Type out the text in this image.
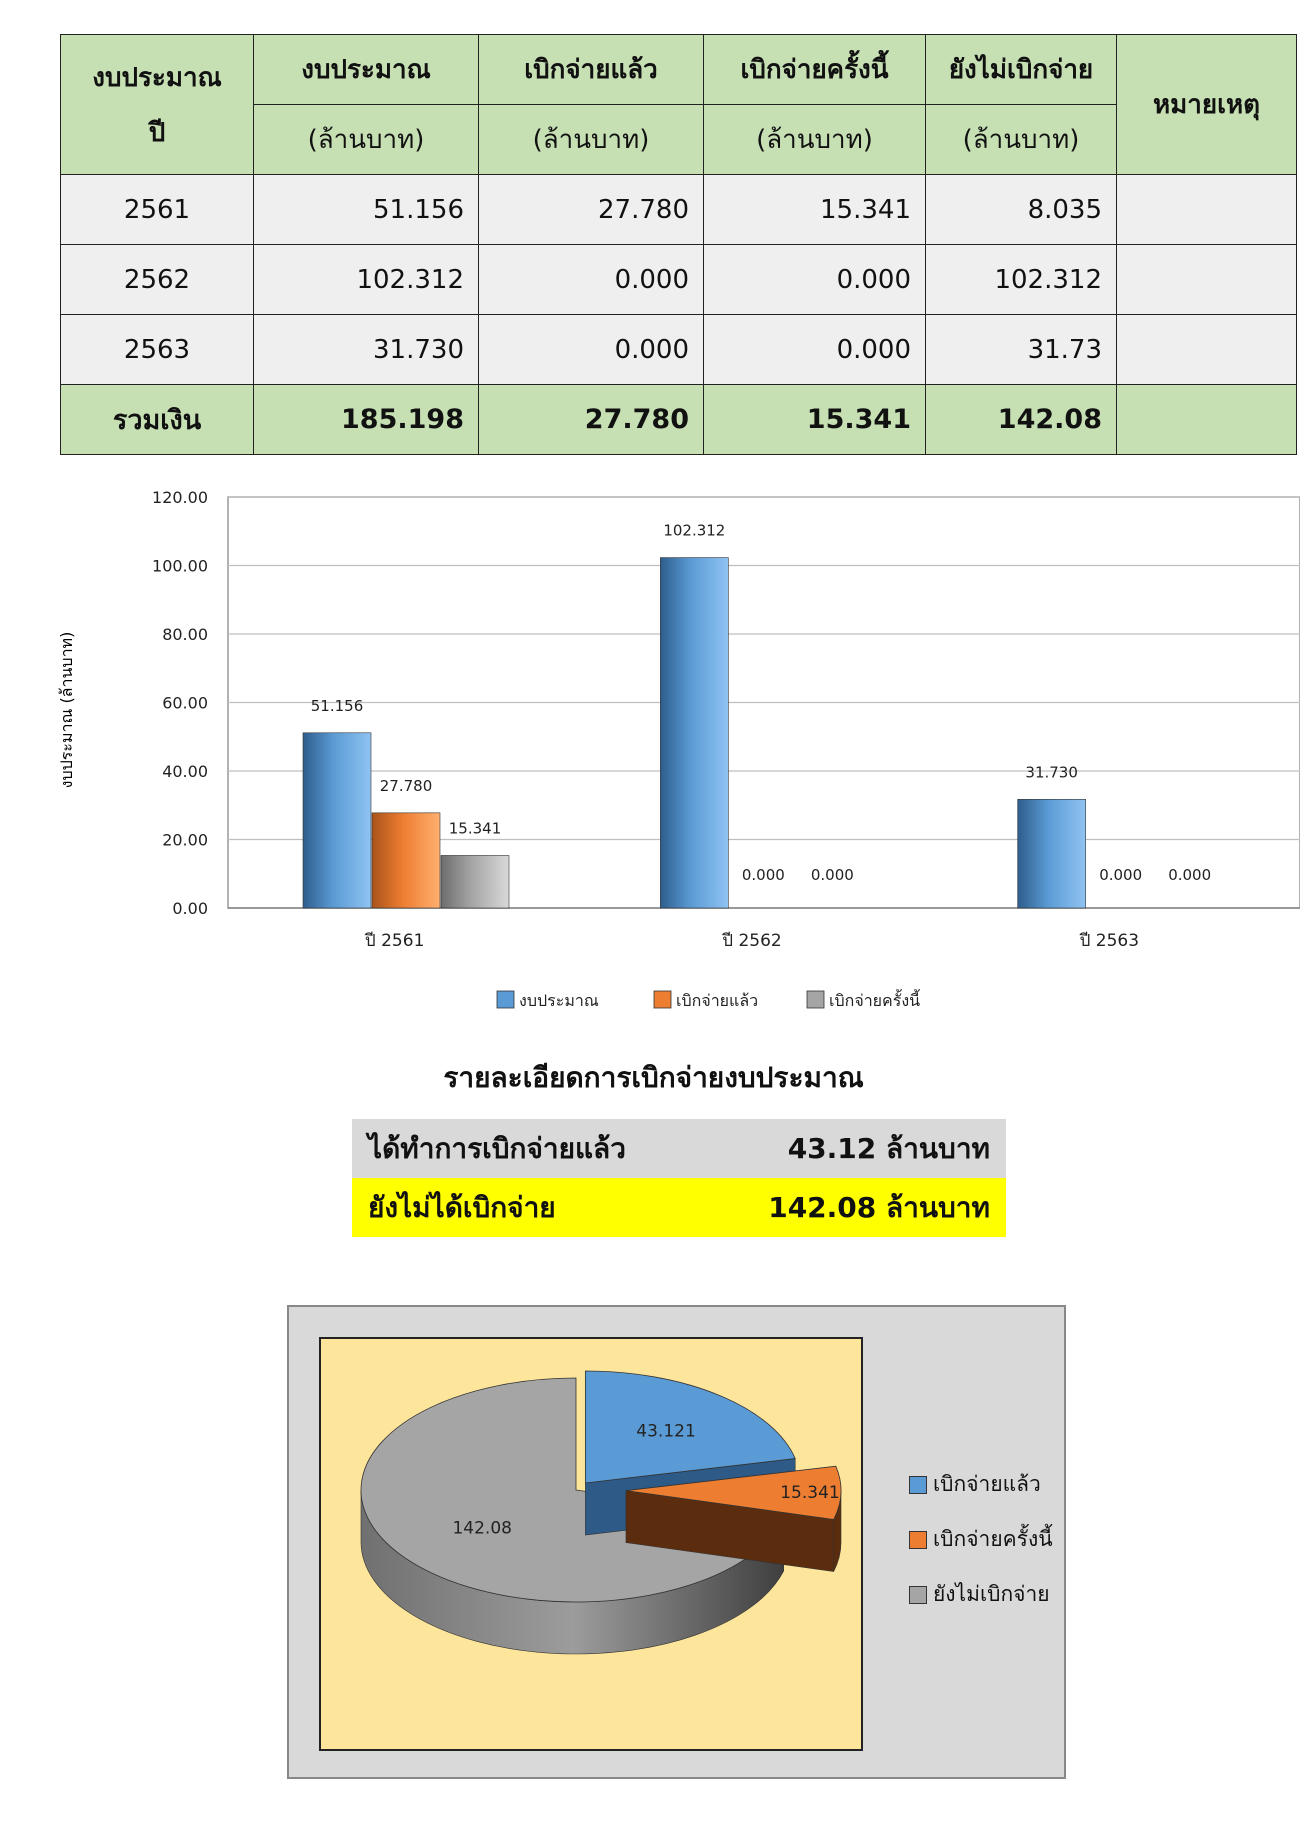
งบประมาณ
ปี	งบประมาณ	เบิกจ่ายแล้ว	เบิกจ่ายครั้งนี้	ยังไม่เบิกจ่าย	หมายเหตุ
	(ล้านบาท)	(ล้านบาท)	(ล้านบาท)	(ล้านบาท)	
2561	51.156	27.780	15.341	8.035	
2562	102.312	0.000	0.000	102.312	
2563	31.730	0.000	0.000	31.73	
รวมเงิน	185.198	27.780	15.341	142.08	
0.00
20.00
40.00
60.00
80.00
100.00
120.00
51.156
27.780
15.341
102.312
0.000 0.000
31.730
0.000 0.000
ปี 2561	ปี 2562	ปี 2563
งบประมาณ (ล้านบาท)
งบประมาณ	เบิกจ่ายแล้ว	เบิกจ่ายครั้งนี้
รายละเอียดการเบิกจ่ายงบประมาณ
ได้ทำการเบิกจ่ายแล้ว	43.12 ล้านบาท
ยังไม่ได้เบิกจ่าย	142.08 ล้านบาท
142.08
43.121
15.341	เบิกจ่ายแล้ว
เบิกจ่ายครั้งนี้
ยังไม่เบิกจ่าย
